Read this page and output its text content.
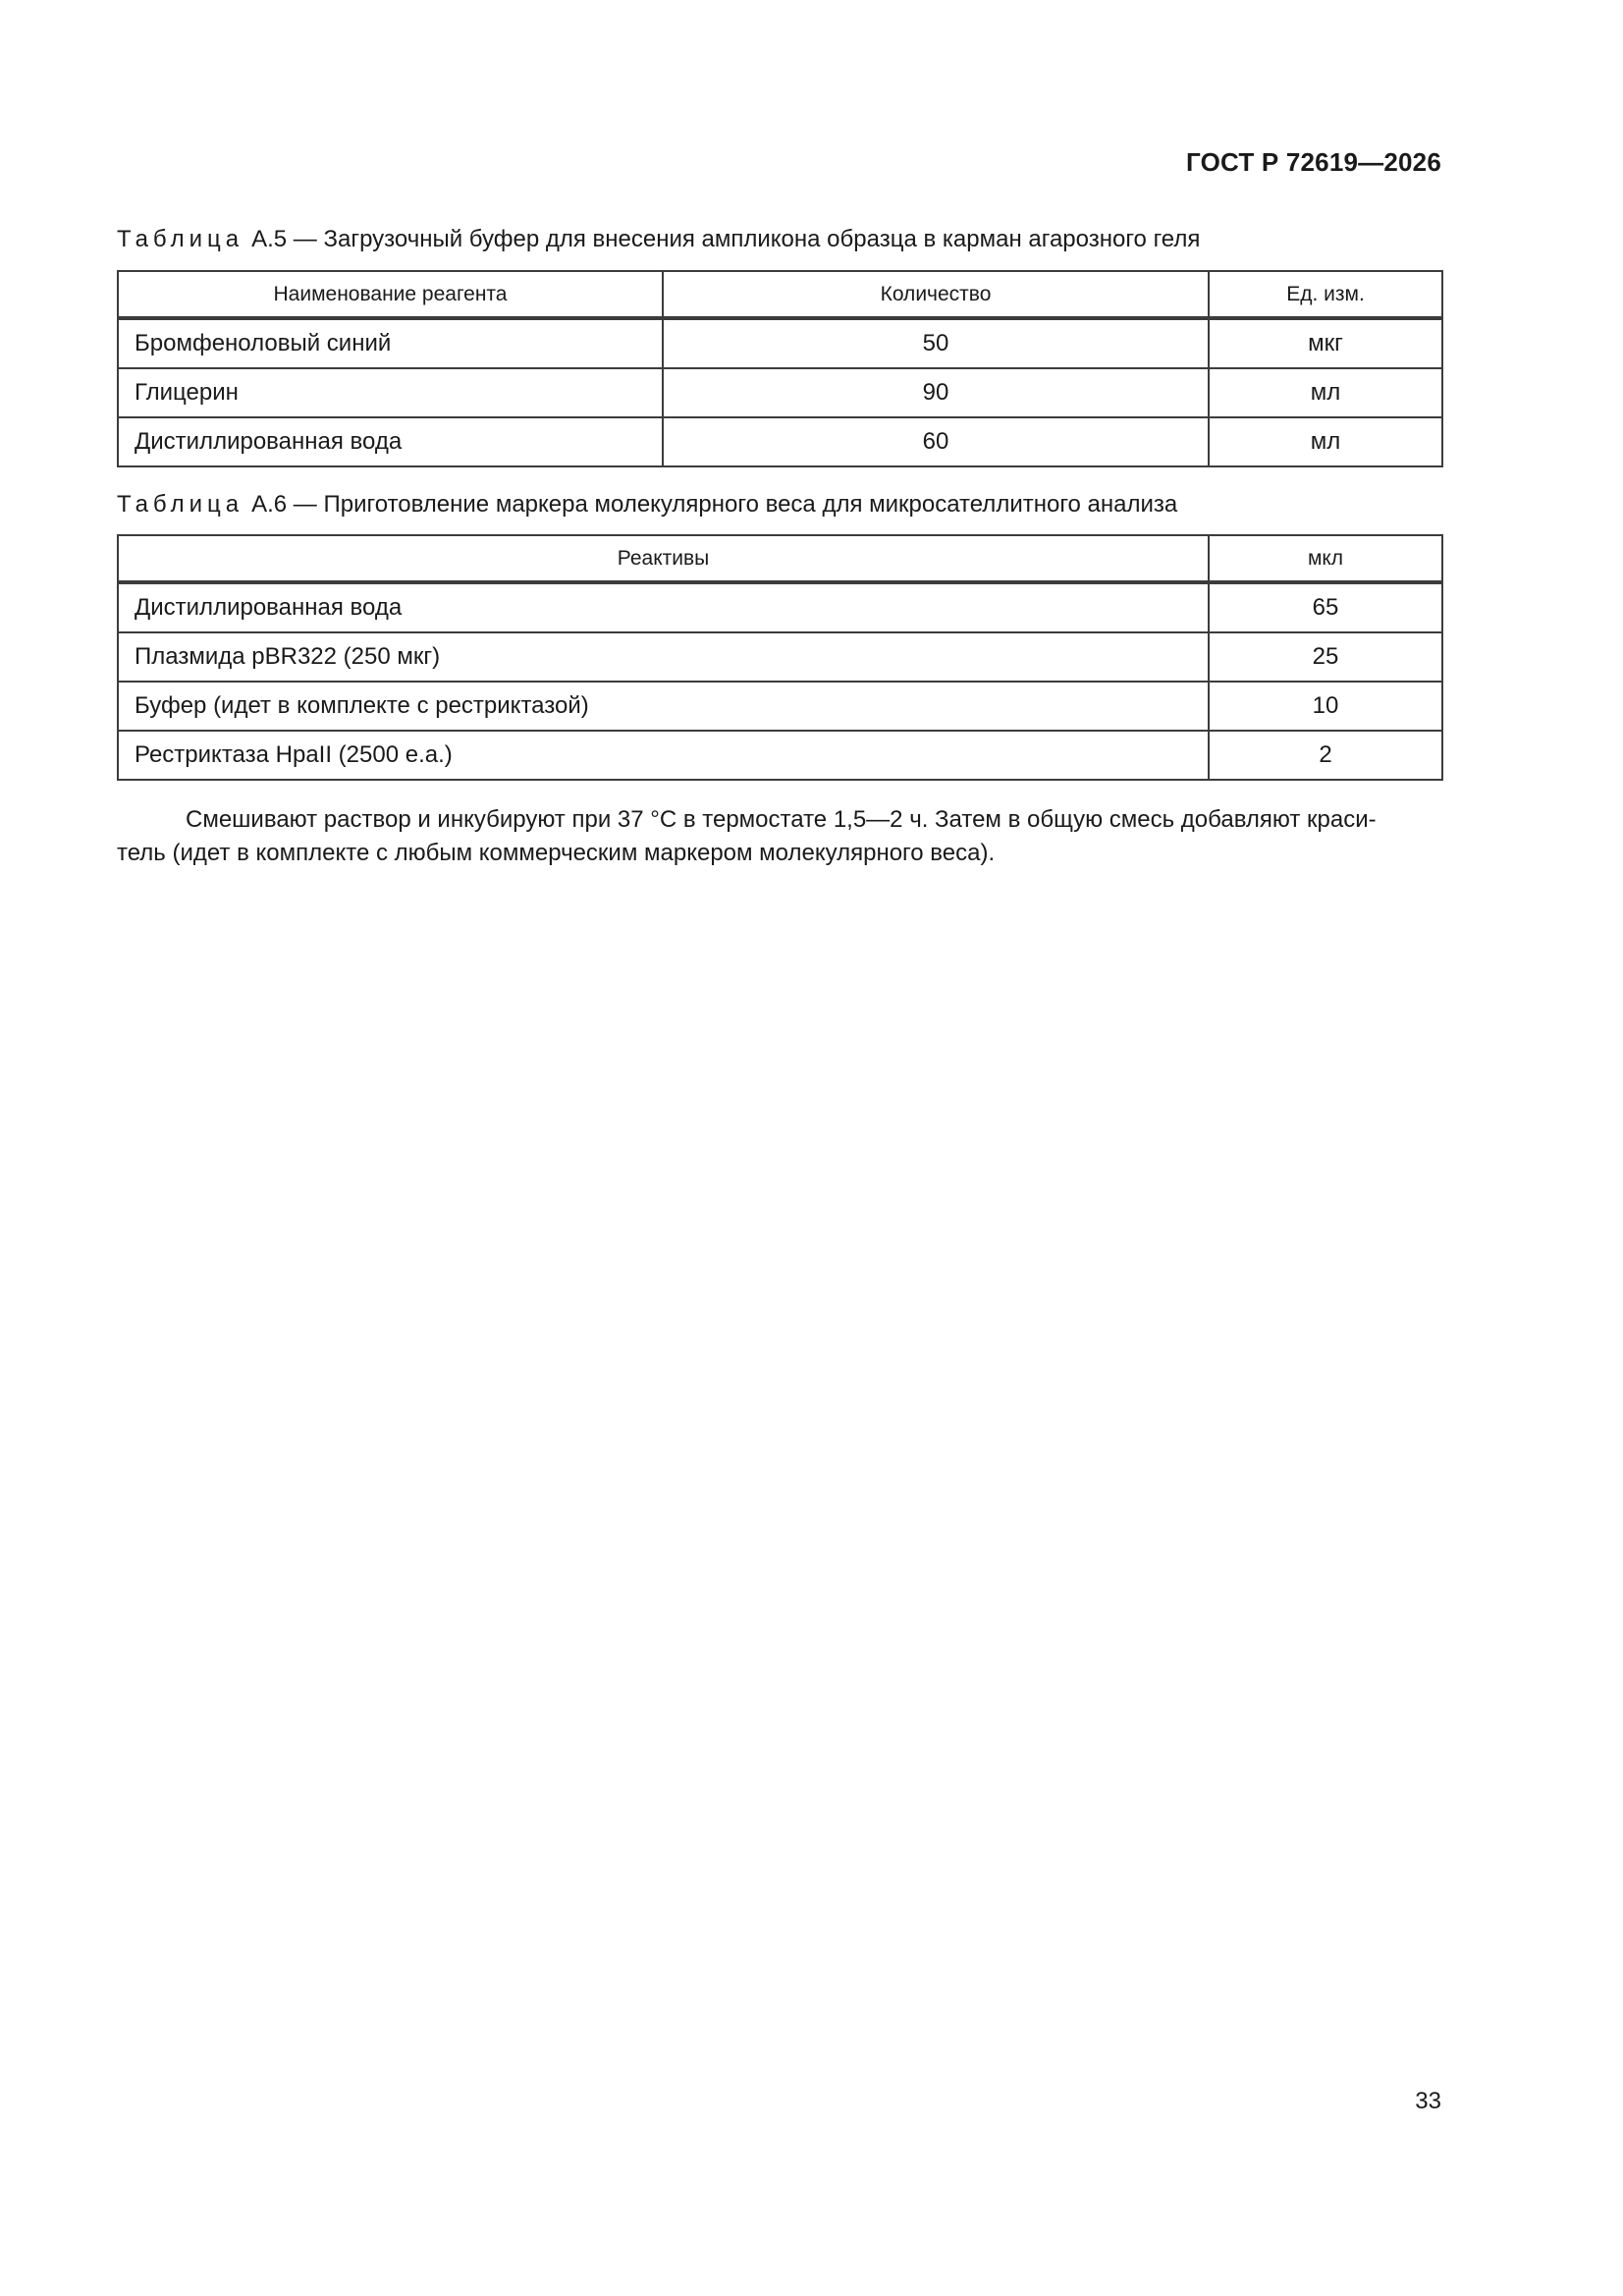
ГОСТ Р 72619—2026
Таблица А.5 — Загрузочный буфер для внесения ампликона образца в карман агарозного геля
Наименование реагента	Количество	Ед. изм.
Бромфеноловый синий	50	мкг
Глицерин	90	мл
Дистиллированная вода	60	мл
Таблица А.6 — Приготовление маркера молекулярного веса для микросателлитного анализа
Реактивы	мкл
Дистиллированная вода	65
Плазмида pBR322 (250 мкг)	25
Буфер (идет в комплекте с рестриктазой)	10
Рестриктаза HpaII (2500 е.а.)	2

Смешивают раствор и инкубируют при 37 °C в термостате 1,5—2 ч. Затем в общую смесь добавляют краси-

тель (идет в комплекте с любым коммерческим маркером молекулярного веса).

33
